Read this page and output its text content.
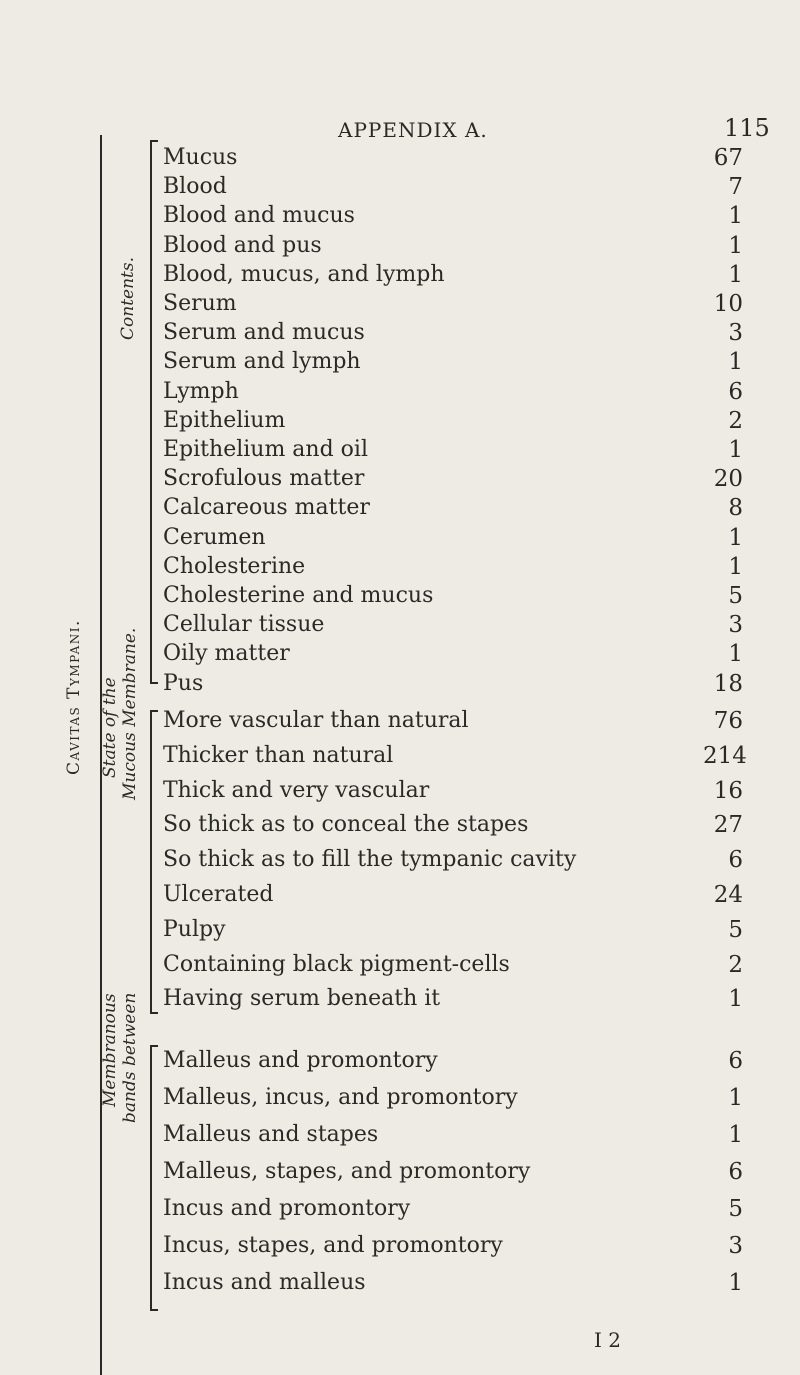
APPENDIX A.	115
Cavitas Tympani.
Contents.
State of the Mucous Membrane.
Membranous bands between
Mucus	67
Blood	7
Blood and mucus	1
Blood and pus	1
Blood, mucus, and lymph	1
Serum	10
Serum and mucus	3
Serum and lymph	1
Lymph	6
Epithelium	2
Epithelium and oil	1
Scrofulous matter	20
Calcareous matter	8
Cerumen	1
Cholesterine	1
Cholesterine and mucus	5
Cellular tissue	3
Oily matter	1
Pus	18
More vascular than natural	76
Thicker than natural	214
Thick and very vascular	16
So thick as to conceal the stapes	27
So thick as to fill the tympanic cavity	6
Ulcerated	24
Pulpy	5
Containing black pigment-cells	2
Having serum beneath it	1
Malleus and promontory	6
Malleus, incus, and promontory	1
Malleus and stapes	1
Malleus, stapes, and promontory	6
Incus and promontory	5
Incus, stapes, and promontory	3
Incus and malleus	1
I 2
